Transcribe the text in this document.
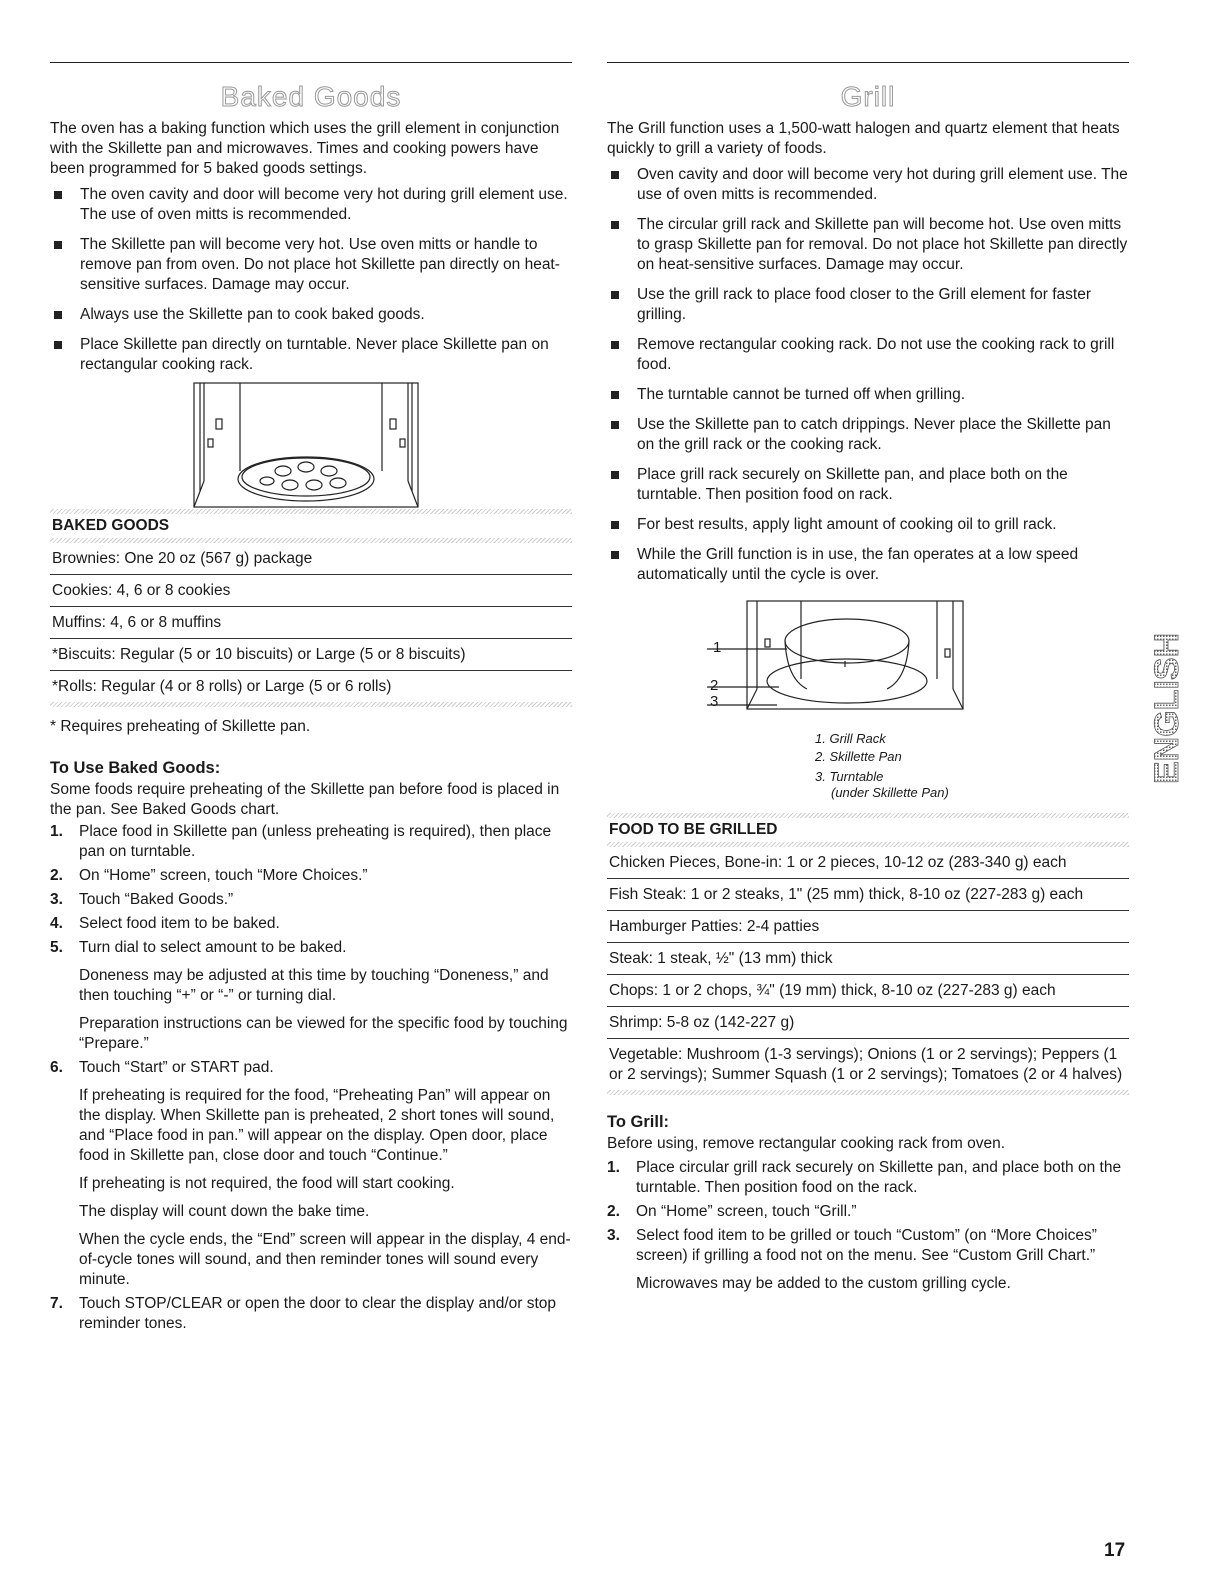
Baked Goods

The oven has a baking function which uses the grill element in conjunction with the Skillette pan and microwaves. Times and cooking powers have been programmed for 5 baked goods settings.

The oven cavity and door will become very hot during grill element use. The use of oven mitts is recommended.
The Skillette pan will become very hot. Use oven mitts or handle to remove pan from oven. Do not place hot Skillette pan directly on heat-sensitive surfaces. Damage may occur.
Always use the Skillette pan to cook baked goods.
Place Skillette pan directly on turntable. Never place Skillette pan on rectangular cooking rack.
BAKED GOODS
Brownies: One 20 oz (567 g) package
Cookies: 4, 6 or 8 cookies
Muffins: 4, 6 or 8 muffins
*Biscuits: Regular (5 or 10 biscuits) or Large (5 or 8 biscuits)
*Rolls: Regular (4 or 8 rolls) or Large (5 or 6 rolls)

* Requires preheating of Skillette pan.

To Use Baked Goods:

Some foods require preheating of the Skillette pan before food is placed in the pan. See Baked Goods chart.

1. Place food in Skillette pan (unless preheating is required), then place pan on turntable.
2. On “Home” screen, touch “More Choices.”
3. Touch “Baked Goods.”
4. Select food item to be baked.
5. Turn dial to select amount to be baked.

Doneness may be adjusted at this time by touching “Doneness,” and then touching “+” or “-” or turning dial.

Preparation instructions can be viewed for the specific food by touching “Prepare.”

6. Touch “Start” or START pad.

If preheating is required for the food, “Preheating Pan” will appear on the display. When Skillette pan is preheated, 2 short tones will sound, and “Place food in pan.” will appear on the display. Open door, place food in Skillette pan, close door and touch “Continue.”

If preheating is not required, the food will start cooking.

The display will count down the bake time.

When the cycle ends, the “End” screen will appear in the display, 4 end-of-cycle tones will sound, and then reminder tones will sound every minute.

7. Touch STOP/CLEAR or open the door to clear the display and/or stop reminder tones.
Grill

The Grill function uses a 1,500-watt halogen and quartz element that heats quickly to grill a variety of foods.

Oven cavity and door will become very hot during grill element use. The use of oven mitts is recommended.
The circular grill rack and Skillette pan will become hot. Use oven mitts to grasp Skillette pan for removal. Do not place hot Skillette pan directly on heat-sensitive surfaces. Damage may occur.
Use the grill rack to place food closer to the Grill element for faster grilling.
Remove rectangular cooking rack. Do not use the cooking rack to grill food.
The turntable cannot be turned off when grilling.
Use the Skillette pan to catch drippings. Never place the Skillette pan on the grill rack or the cooking rack.
Place grill rack securely on Skillette pan, and place both on the turntable. Then position food on rack.
For best results, apply light amount of cooking oil to grill rack.
While the Grill function is in use, the fan operates at a low speed automatically until the cycle is over.
1
2
3
1. Grill Rack
2. Skillette Pan
3. Turntable
(under Skillette Pan)
FOOD TO BE GRILLED
Chicken Pieces, Bone-in: 1 or 2 pieces, 10-12 oz (283-340 g) each
Fish Steak: 1 or 2 steaks, 1" (25 mm) thick, 8-10 oz (227-283 g) each
Hamburger Patties: 2-4 patties
Steak: 1 steak, ½" (13 mm) thick
Chops: 1 or 2 chops, ¾" (19 mm) thick, 8-10 oz (227-283 g) each
Shrimp: 5-8 oz (142-227 g)
Vegetable: Mushroom (1-3 servings); Onions (1 or 2 servings); Peppers (1 or 2 servings); Summer Squash (1 or 2 servings); Tomatoes (2 or 4 halves)
To Grill:

Before using, remove rectangular cooking rack from oven.

1. Place circular grill rack securely on Skillette pan, and place both on the turntable. Then position food on the rack.
2. On “Home” screen, touch “Grill.”
3. Select food item to be grilled or touch “Custom” (on “More Choices” screen) if grilling a food not on the menu. See “Custom Grill Chart.”

Microwaves may be added to the custom grilling cycle.

ENGLISH
17
